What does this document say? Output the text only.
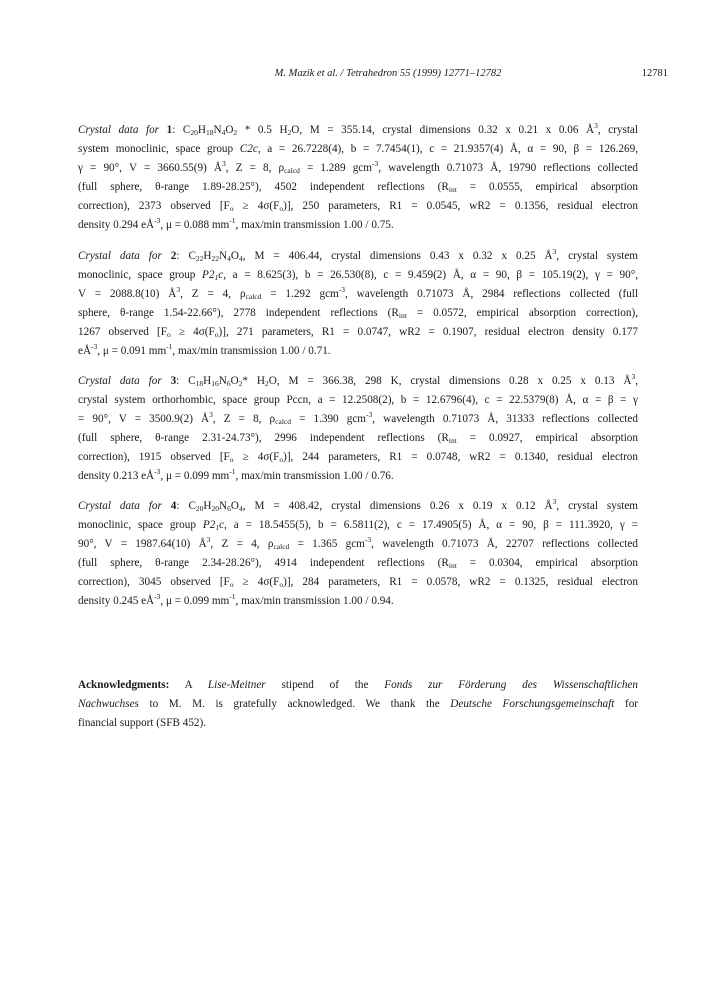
M. Mazik et al. / Tetrahedron 55 (1999) 12771–12782	12781
Crystal data for 1: $C_{20}H_{18}N_4O_2 * 0.5$ $H_2O$, M = 355.14, crystal dimensions 0.32 x 0.21 x 0.06 $Å^3$, crystal
system monoclinic, space group C2c, a = 26.7228(4), b = 7.7454(1), c = 21.9357(4) Å, α = 90, β = 126.269,
γ = 90°, V = 3660.55(9) $Å^3$, Z = 8, $\rho_{calcd} = 1.289$ gcm$^{-3}$, wavelength 0.71073 Å, 19790 reflections collected
(full sphere, θ-range 1.89-28.25°), 4502 independent reflections ($R_{int} = 0.0555$, empirical absorption
correction), 2373 observed $[F_o \ge 4\sigma(F_o)]$, 250 parameters, R1 = 0.0545, wR2 = 0.1356, residual electron
density 0.294 $eÅ^{-3}$, μ = 0.088 $mm^{-1}$, max/min transmission 1.00 / 0.75.
Crystal data for 2: $C_{22}H_{22}N_4O_4$, M = 406.44, crystal dimensions 0.43 x 0.32 x 0.25 $Å^3$, crystal system
monoclinic, space group $P2_1c$, a = 8.625(3), b = 26.530(8), c = 9.459(2) Å, α = 90, β = 105.19(2), γ = 90°,
V = 2088.8(10) $Å^3$, Z = 4, $\rho_{calcd} = 1.292$ gcm$^{-3}$, wavelength 0.71073 Å, 2984 reflections collected (full
sphere, θ-range 1.54-22.66°), 2778 independent reflections ($R_{int} = 0.0572$, empirical absorption correction),
1267 observed $[F_o \ge 4\sigma(F_o)]$, 271 parameters, R1 = 0.0747, wR2 = 0.1907, residual electron density 0.177
$eÅ^{-3}$, μ = 0.091 $mm^{-1}$, max/min transmission 1.00 / 0.71.
Crystal data for 3: $C_{18}H_{16}N_6O_2*$ $H_2O$, M = 366.38, 298 K, crystal dimensions 0.28 x 0.25 x 0.13 $Å^3$,
crystal system orthorhombic, space group Pccn, a = 12.2508(2), b = 12.6796(4), c = 22.5379(8) Å, α = β = γ
= 90°, V = 3500.9(2) $Å^3$, Z = 8, $\rho_{calcd} = 1.390$ gcm$^{-3}$, wavelength 0.71073 Å, 31333 reflections collected
(full sphere, θ-range 2.31-24.73°), 2996 independent reflections ($R_{int} = 0.0927$, empirical absorption
correction), 1915 observed $[F_o \ge 4\sigma(F_o)]$, 244 parameters, R1 = 0.0748, wR2 = 0.1340, residual electron
density 0.213 $eÅ^{-3}$, μ = 0.099 $mm^{-1}$, max/min transmission 1.00 / 0.76.
Crystal data for 4: $C_{20}H_{20}N_6O_4$, M = 408.42, crystal dimensions 0.26 x 0.19 x 0.12 $Å^3$, crystal system
monoclinic, space group $P2_1c$, a = 18.5455(5), b = 6.5811(2), c = 17.4905(5) Å, α = 90, β = 111.3920, γ =
90°, V = 1987.64(10) $Å^3$, Z = 4, $\rho_{calcd} = 1.365$ gcm$^{-3}$, wavelength 0.71073 Å, 22707 reflections collected
(full sphere, θ-range 2.34-28.26°), 4914 independent reflections ($R_{int} = 0.0304$, empirical absorption
correction), 3045 observed $[F_o \ge 4\sigma(F_o)]$, 284 parameters, R1 = 0.0578, wR2 = 0.1325, residual electron
density 0.245 $eÅ^{-3}$, μ = 0.099 $mm^{-1}$, max/min transmission 1.00 / 0.94.
Acknowledgments: A Lise-Meitner stipend of the Fonds zur Förderung des Wissenschaftlichen
Nachwuchses to M. M. is gratefully acknowledged. We thank the Deutsche Forschungsgemeinschaft for
financial support (SFB 452).
